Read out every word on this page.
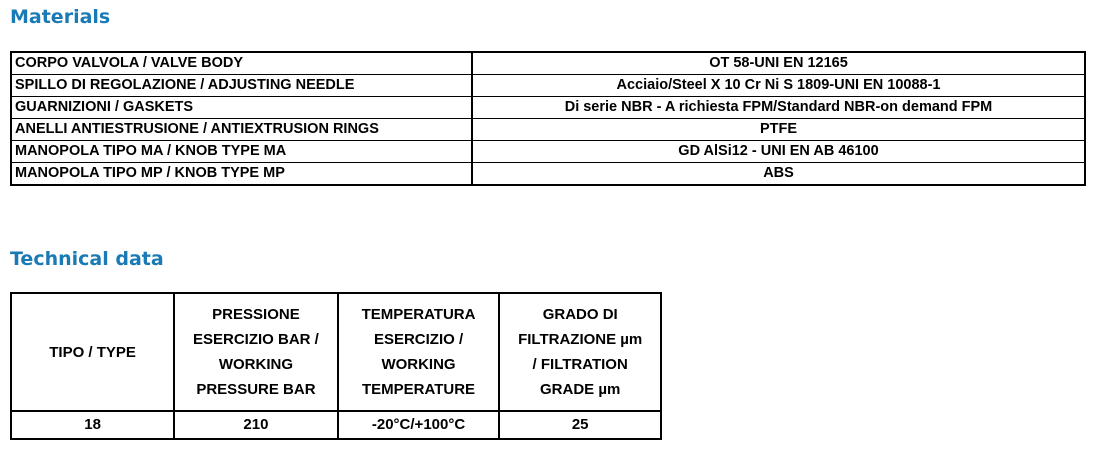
Materials
CORPO VALVOLA / VALVE BODY	OT 58-UNI EN 12165
SPILLO DI REGOLAZIONE / ADJUSTING NEEDLE	Acciaio/Steel X 10 Cr Ni S 1809-UNI EN 10088-1
GUARNIZIONI / GASKETS	Di serie NBR - A richiesta FPM/Standard NBR-on demand FPM
ANELLI ANTIESTRUSIONE / ANTIEXTRUSION RINGS	PTFE
MANOPOLA TIPO MA / KNOB TYPE MA	GD AlSi12 - UNI EN AB 46100
MANOPOLA TIPO MP / KNOB TYPE MP	ABS
Technical data
TIPO / TYPE	PRESSIONE
ESERCIZIO BAR /
WORKING
PRESSURE BAR	TEMPERATURA
ESERCIZIO /
WORKING
TEMPERATURE	GRADO DI
FILTRAZIONE µm
/ FILTRATION
GRADE µm
18	210	-20°C/+100°C	25
